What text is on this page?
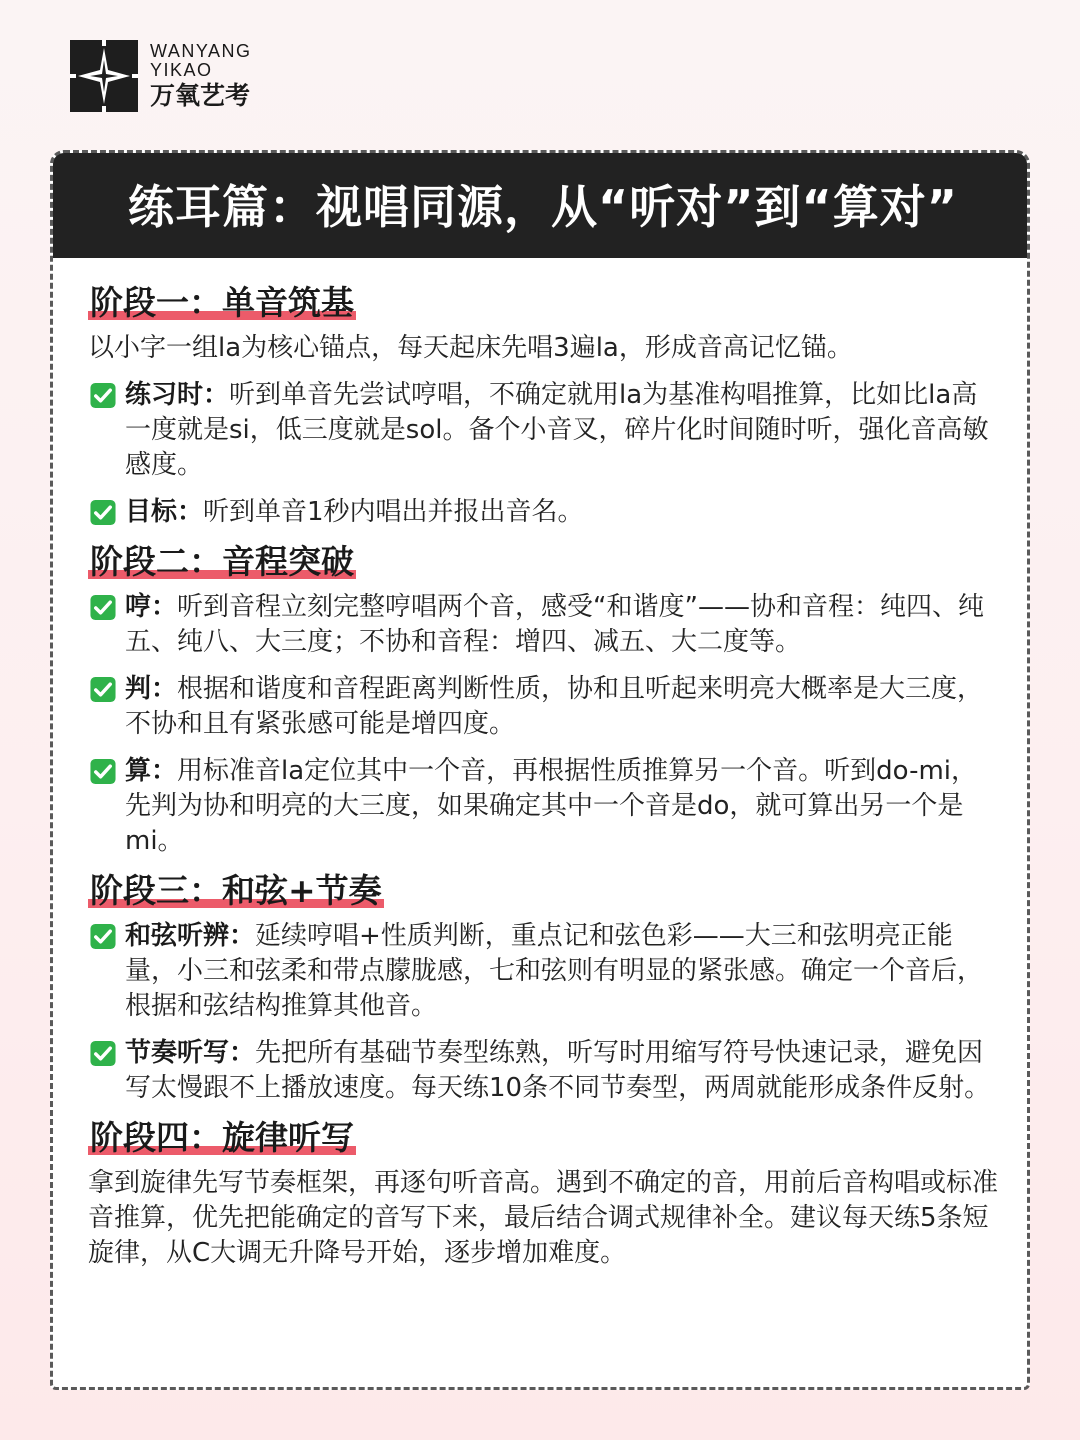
WANYANG
YIKAO
万氧艺考
练耳篇：视唱同源，从“听对”到“算对”
阶段一：单音筑基

以小字一组la为核心锚点，每天起床先唱3遍la，形成音高记忆锚。

练习时：听到单音先尝试哼唱，不确定就用la为基准构唱推算，比如比la高一度就是si，低三度就是sol。备个小音叉，碎片化时间随时听，强化音高敏感度。
目标：听到单音1秒内唱出并报出音名。
阶段二：音程突破
哼：听到音程立刻完整哼唱两个音，感受“和谐度”——协和音程：纯四、纯五、纯八、大三度；不协和音程：增四、减五、大二度等。
判：根据和谐度和音程距离判断性质，协和且听起来明亮大概率是大三度，不协和且有紧张感可能是增四度。
算：用标准音la定位其中一个音，再根据性质推算另一个音。听到do-mi，先判为协和明亮的大三度，如果确定其中一个音是do，就可算出另一个是mi。
阶段三：和弦+节奏
和弦听辨：延续哼唱+性质判断，重点记和弦色彩——大三和弦明亮正能量，小三和弦柔和带点朦胧感，七和弦则有明显的紧张感。确定一个音后，根据和弦结构推算其他音。
节奏听写：先把所有基础节奏型练熟，听写时用缩写符号快速记录，避免因写太慢跟不上播放速度。每天练10条不同节奏型，两周就能形成条件反射。
阶段四：旋律听写

拿到旋律先写节奏框架，再逐句听音高。遇到不确定的音，用前后音构唱或标准音推算，优先把能确定的音写下来，最后结合调式规律补全。建议每天练5条短旋律，从C大调无升降号开始，逐步增加难度。
